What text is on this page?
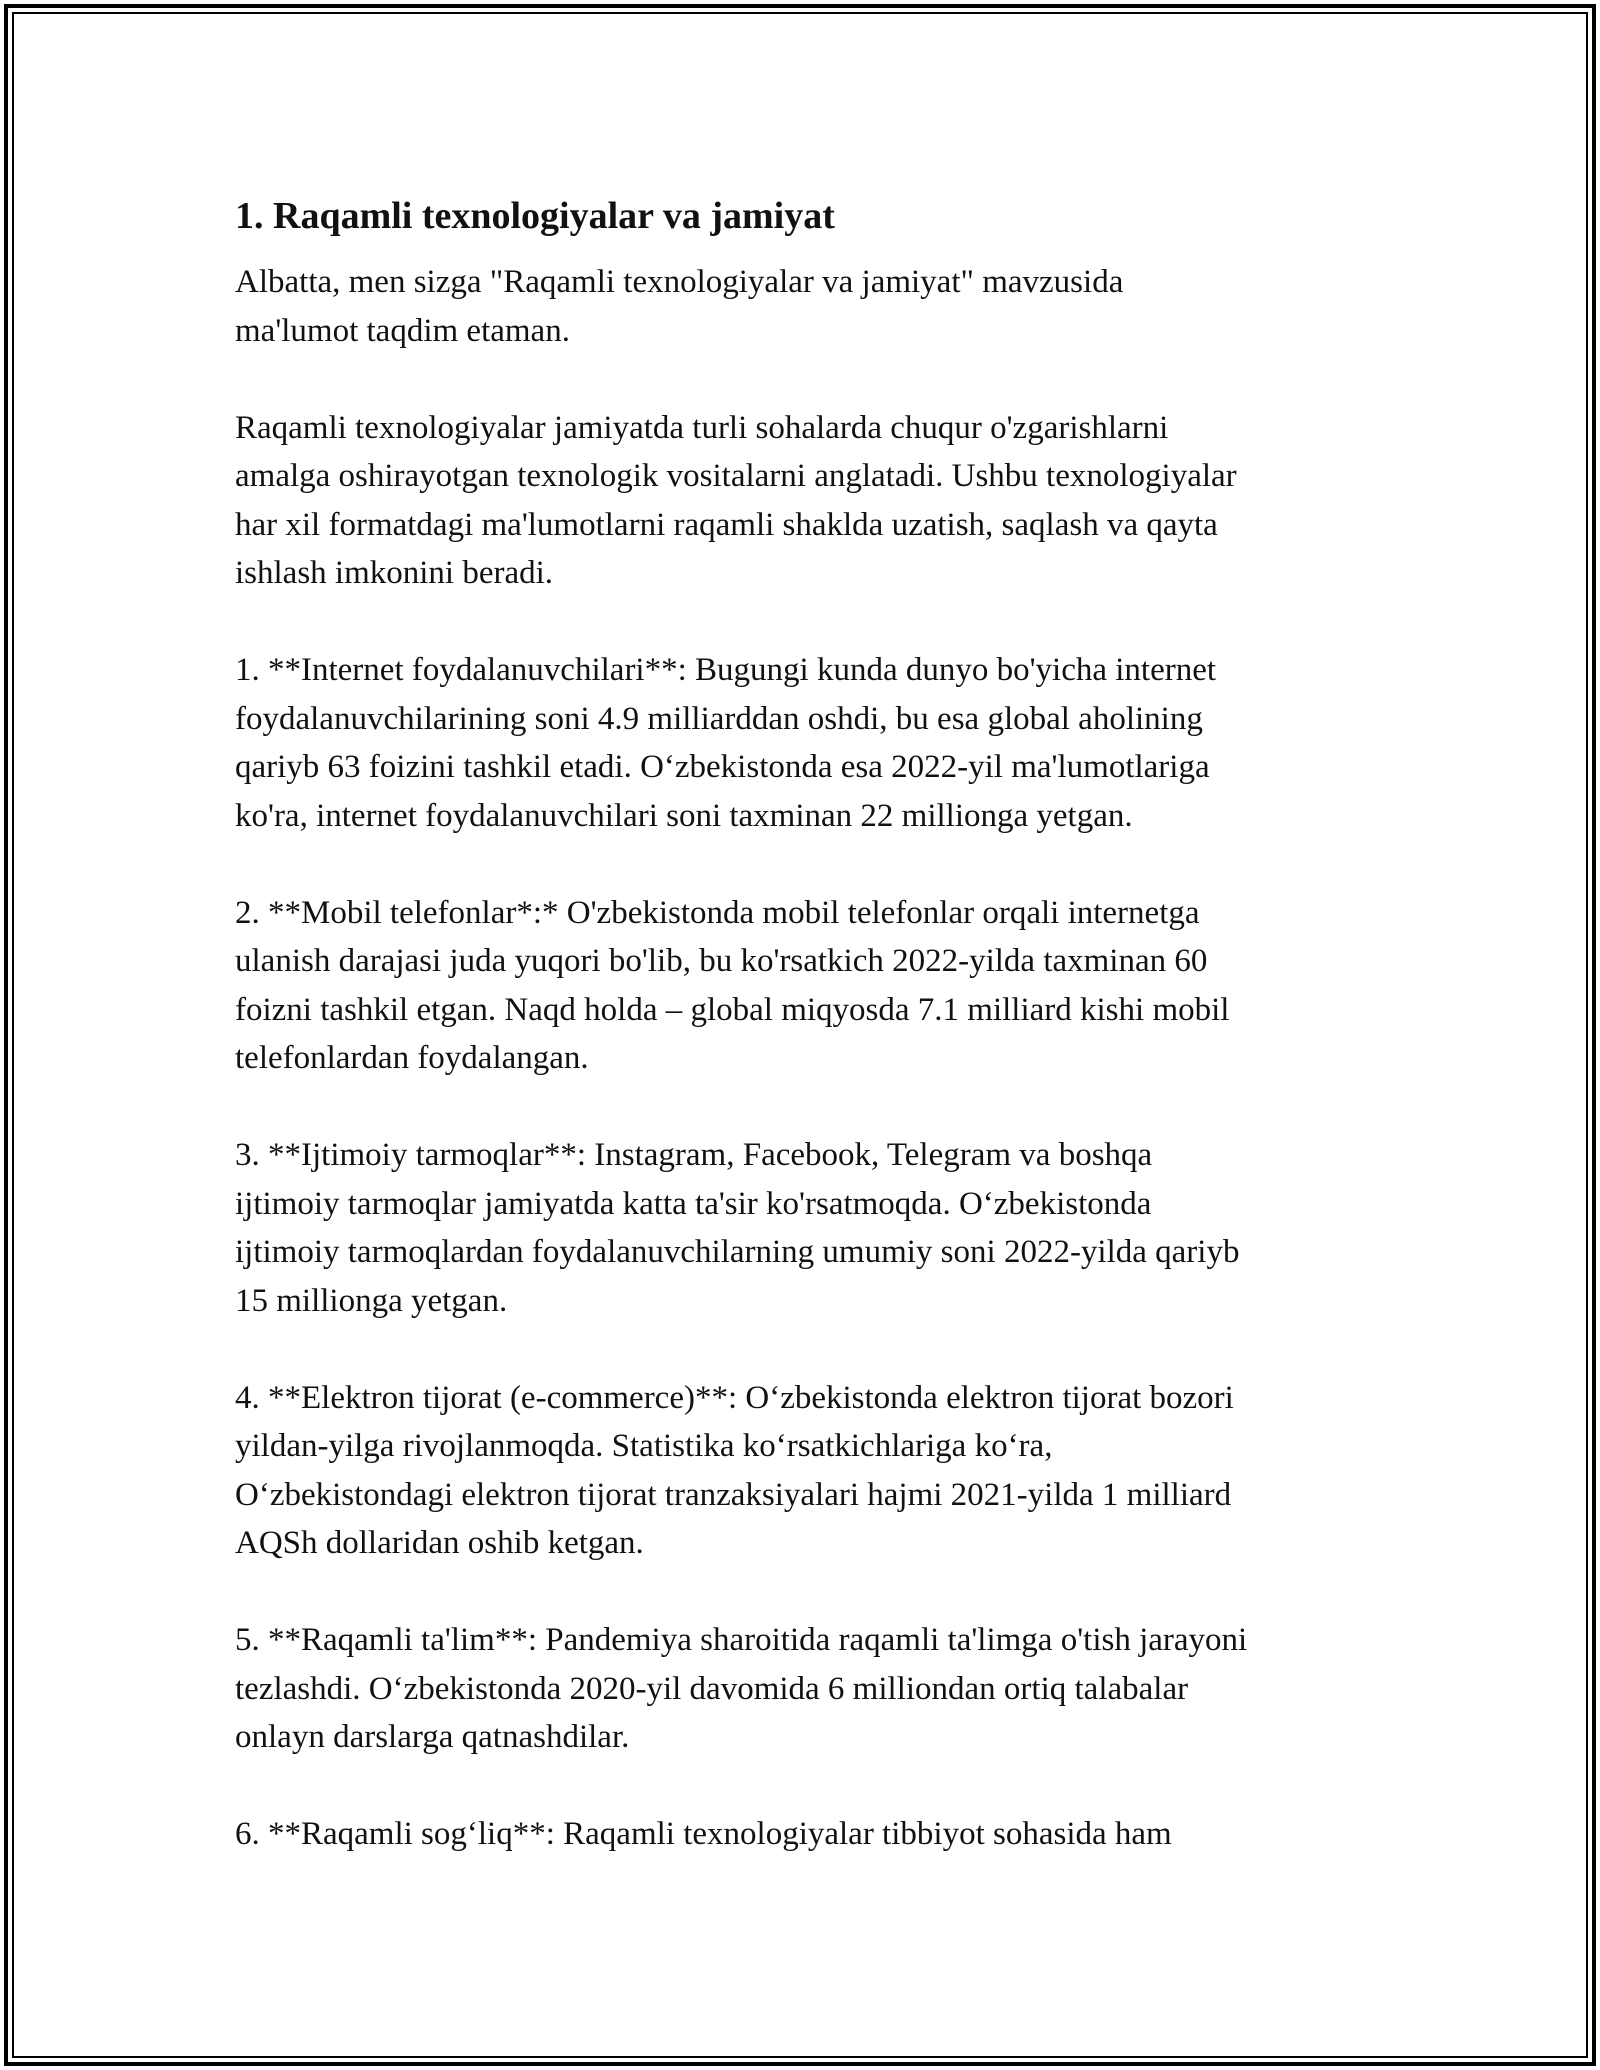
1. Raqamli texnologiyalar va jamiyat
Albatta, men sizga "Raqamli texnologiyalar va jamiyat" mavzusida
ma'lumot taqdim etaman.
Raqamli texnologiyalar jamiyatda turli sohalarda chuqur o'zgarishlarni
amalga oshirayotgan texnologik vositalarni anglatadi. Ushbu texnologiyalar
har xil formatdagi ma'lumotlarni raqamli shaklda uzatish, saqlash va qayta
ishlash imkonini beradi.
1. **Internet foydalanuvchilari**: Bugungi kunda dunyo bo'yicha internet
foydalanuvchilarining soni 4.9 milliarddan oshdi, bu esa global aholining
qariyb 63 foizini tashkil etadi. O‘zbekistonda esa 2022-yil ma'lumotlariga
ko'ra, internet foydalanuvchilari soni taxminan 22 millionga yetgan.
2. **Mobil telefonlar*:* O'zbekistonda mobil telefonlar orqali internetga
ulanish darajasi juda yuqori bo'lib, bu ko'rsatkich 2022-yilda taxminan 60
foizni tashkil etgan. Naqd holda – global miqyosda 7.1 milliard kishi mobil
telefonlardan foydalangan.
3. **Ijtimoiy tarmoqlar**: Instagram, Facebook, Telegram va boshqa
ijtimoiy tarmoqlar jamiyatda katta ta'sir ko'rsatmoqda. O‘zbekistonda
ijtimoiy tarmoqlardan foydalanuvchilarning umumiy soni 2022-yilda qariyb
15 millionga yetgan.
4. **Elektron tijorat (e-commerce)**: O‘zbekistonda elektron tijorat bozori
yildan-yilga rivojlanmoqda. Statistika ko‘rsatkichlariga ko‘ra,
O‘zbekistondagi elektron tijorat tranzaksiyalari hajmi 2021-yilda 1 milliard
AQSh dollaridan oshib ketgan.
5. **Raqamli ta'lim**: Pandemiya sharoitida raqamli ta'limga o'tish jarayoni
tezlashdi. O‘zbekistonda 2020-yil davomida 6 milliondan ortiq talabalar
onlayn darslarga qatnashdilar.
6. **Raqamli sog‘liq**: Raqamli texnologiyalar tibbiyot sohasida ham
